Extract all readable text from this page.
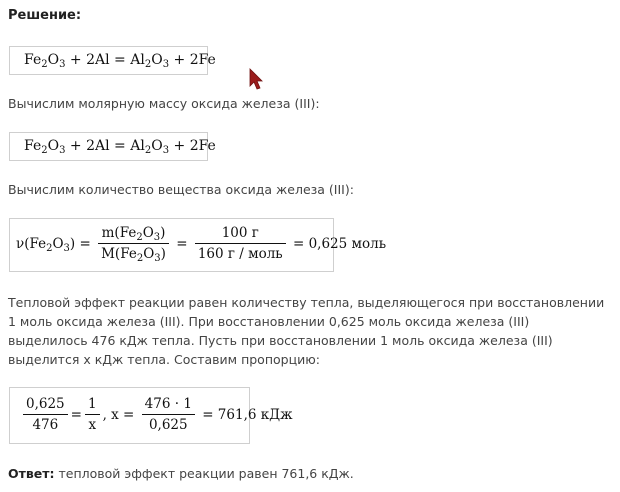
Решение:
$Fe_2O_3 + 2Al = Al_2O_3 + 2Fe$
Вычислим молярную массу оксида железа (III):
$Fe_2O_3 + 2Al = Al_2O_3 + 2Fe$
Вычислим количество вещества оксида железа (III):
$\nu(Fe_2O_3) = \frac{m(Fe_2O_3)}{M(Fe_2O_3)} = \frac{100 г}{\text{160 г / моль}} = 0,625$ моль
Тепловой эффект реакции равен количеству тепла, выделяющегося при восстановлении
1 моль оксида железа (III). При восстановлении 0,625 моль оксида железа (III)
выделилось 476 кДж тепла. Пусть при восстановлении 1 моль оксида железа (III)
выделится x кДж тепла. Составим пропорцию:
$\frac{0,625}{476} = \frac{1}{x}$ , $x = \frac{476 \cdot 1}{0,625} = 761,6$ кДж
Ответ: тепловой эффект реакции равен 761,6 кДж.
